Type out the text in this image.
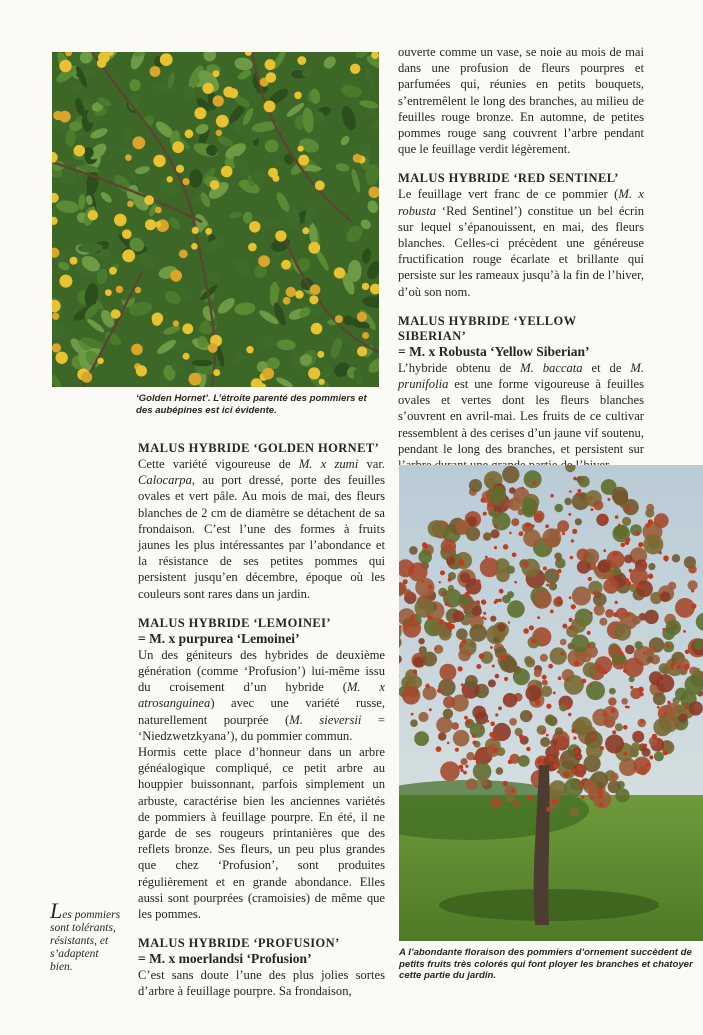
‘Golden Hornet’. L’étroite parenté des pommiers et des aubépines est ici évidente.

ouverte comme un vase, se noie au mois de mai dans une profusion de fleurs pourpres et parfumées qui, réunies en petits bouquets, s’entremêlent le long des branches, au milieu de feuilles rouge bronze. En automne, de petites pommes rouge sang couvrent l’arbre pendant que le feuillage verdit légèrement.

MALUS HYBRIDE ‘RED SENTINEL’

Le feuillage vert franc de ce pommier (M. x robusta ‘Red Sentinel’) constitue un bel écrin sur lequel s’épanouissent, en mai, des fleurs blanches. Celles-ci précèdent une généreuse fructification rouge écarlate et brillante qui persiste sur les rameaux jusqu’à la fin de l’hiver, d’où son nom.

MALUS HYBRIDE ‘YELLOW SIBERIAN’

= M. x Robusta ‘Yellow Siberian’

L’hybride obtenu de M. baccata et de M. prunifolia est une forme vigoureuse à feuilles ovales et vertes dont les fleurs blanches s’ouvrent en avril-mai. Les fruits de ce cultivar ressemblent à des cerises d’un jaune vif soutenu, pendant le long des branches, et persistent sur

MALUS HYBRIDE ‘GOLDEN HORNET’

Cette variété vigoureuse de M. x zumi var. Calocarpa, au port dressé, porte des feuilles ovales et vert pâle. Au mois de mai, des fleurs blanches de 2 cm de diamètre se détachent de sa frondaison. C’est l’une des formes à fruits jaunes les plus intéressantes par l’abondance et la résistance de ses petites pommes qui persistent jusqu’en décembre, époque où les couleurs sont rares dans un jardin.

MALUS HYBRIDE ‘LEMOINEI’

= M. x purpurea ‘Lemoinei’

Un des géniteurs des hybrides de deuxième génération (comme ‘Profusion’) lui-même issu du croisement d’un hybride (M. x atrosanguinea) avec une variété russe, naturellement pourprée (M. sieversii = ‘Niedzwetzkyana’), du pommier commun.

Hormis cette place d’honneur dans un arbre généalogique compliqué, ce petit arbre au houppier buissonnant, parfois simplement un arbuste, caractérise bien les anciennes variétés de pommiers à feuillage pourpre. En été, il ne garde de ses rougeurs printanières que des reflets bronze. Ses fleurs, un peu plus grandes que chez ‘Profusion’, sont produites régulièrement et en grande abondance. Elles aussi sont pourprées (cramoisies) de même que les pommes.

MALUS HYBRIDE ‘PROFUSION’

= M. x moerlandsi ‘Profusion’

C’est sans doute l’une des plus jolies sortes d’arbre à feuillage pourpre. Sa frondaison,

Les pommiers sont tolérants, résistants, et s’adaptent bien.
A l’abondante floraison des pommiers d’ornement succèdent de petits fruits très colorés qui font ployer les branches et chatoyer cette partie du jardin.
